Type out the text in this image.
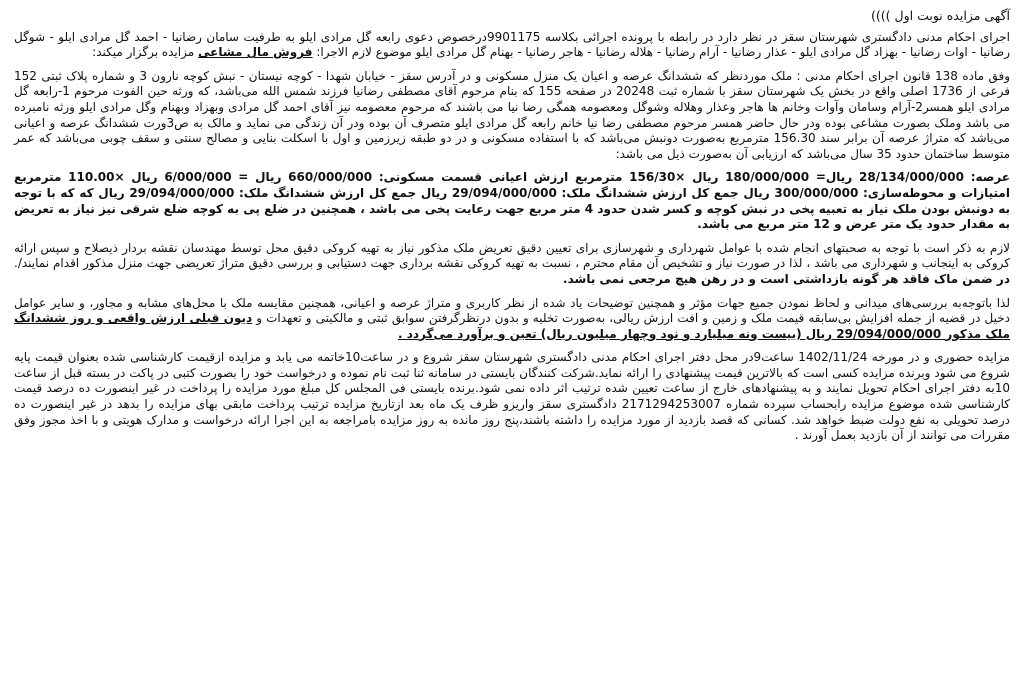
آگهی مزایده نوبت اول ))))
اجرای احکام مدنی دادگستری شهرستان سقز در نظر دارد در رابطه با پرونده اجرائی بکلاسه 9901175درخصوص دعوی رابعه گل مرادی ایلو به طرفیت سامان رضانیا - احمد گل مرادی ایلو - شوگل رضانیا - اوات رضانیا - بهزاد گل مرادی ایلو - عذار رضانیا - آرام رضانیا - هلاله رضانیا - هاجر رضانیا - بهنام گل مرادی ایلو موضوع لازم الاجرا: فروش مال مشاعی مزایده برگزار میکند:
وفق ماده 138 قانون اجرای احکام مدنی : ملک موردنظر که ششدانگ عرصه و اعیان یک منزل مسکونی و در آدرس سقز - خیابان شهدا - کوچه نیستان - نبش کوچه نارون 3 و شماره پلاک ثبتی 152 فرعی از 1736 اصلی واقع در بخش یک شهرستان سقز با شماره ثبت 20248 در صفحه 155 که بنام مرحوم آقای مصطفی رضانیا فرزند شمس الله می‌باشد، که ورثه حین الفوت مرحوم 1-رابعه گل مرادی ایلو همسر2-آرام وسامان وآوات وخانم ها هاجر وعذار وهلاله وشوگل ومعصومه همگی رضا نیا می باشند که مرحوم معصومه نیز آقای احمد گل مرادی وبهزاد وبهنام وگل مرادی ایلو ورثه نامبرده می باشد وملک بصورت مشاعی بوده ودر حال حاضر همسر مرحوم مصطفی رضا نیا خانم رابعه گل مرادی ایلو متصرف آن بوده ودر آن زندگی می نماید و مالک به ص3ورت ششدانگ عرصه و اعیانی می‌باشد که متراژ عرصه آن برابر سند 156.30 مترمربع به‌صورت دونبش می‌باشد که با استفاده مسکونی و در دو طبقه زیرزمین و اول با اسکلت بنایی و مصالح سنتی و سقف چوبی می‌باشد که عمر متوسط ساختمان حدود 35 سال می‌باشد که ارزیابی آن به‌صورت ذیل می باشد:
عرصه: 28/134/000/000 ریال= 180/000/000 ریال ×156/30 مترمربع ارزش اعیانی قسمت مسکونی: 660/000/000 ریال = 6/000/000 ریال ×110.00 مترمربع امتیازات و محوطه‌سازی: 300/000/000 ریال جمع کل ارزش ششدانگ ملک: 29/094/000/000 ریال جمع کل ارزش ششدانگ ملک: 29/094/000/000 ریال که که با توجه به دونبش بودن ملک نیاز به تعبیه پخی در نبش کوچه و کسر شدن حدود 4 متر مربع جهت رعایت پخی می باشد ، همچنین در ضلع پی به کوچه ضلع شرقی نیز نیاز به تعریض به مقدار حدود یک متر عرض و 12 متر مربع می باشد.
لازم به ذکر است با توجه به صحبتهای انجام شده با عوامل شهرداری و شهرسازی برای تعیین دقیق تعریض ملک مذکور نیاز به تهیه کروکی دقیق محل توسط مهندسان نقشه بردار ذیصلاح و سپس ارائه کروکی به اینجانب و شهرداری می باشد ، لذا در صورت نیاز و تشخیص آن مقام محترم ، نسبت به تهیه کروکی نقشه برداری جهت دستیابی و بررسی دقیق متراژ تعریضی جهت منزل مذکور اقدام نمایند/. در ضمن ماک فاقد هر گونه بازداشتی است و در رهن هیچ مرجعی نمی باشد.
لذا باتوجه‌به بررسی‌های میدانی و لحاظ نمودن جمیع جهات مؤثر و همچنین توضیحات یاد شده از نظر کاربری و متراژ عرصه و اعیانی، همچنین مقایسه ملک با محل‌های مشابه و مجاور، و سایر عوامل دخیل در قضیه از جمله افزایش بی‌سابقه قیمت ملک و زمین و افت ارزش ریالی، به‌صورت تخلیه و بدون درنظرگرفتن سوابق ثبتی و مالکیتی و تعهدات و دیون قبلی ارزش واقعی و روز ششدانگ ملک مذکور 29/094/000/000 ریال (بیست ونه میلیارد و نود وچهار میلیون ریال) تعین و برآورد می‌گردد .
مزایده حضوری و در مورخه 1402/11/24 ساعت9در محل دفتر اجرای احکام مدنی دادگستری شهرستان سقز شروع و در ساعت10خاتمه می یابد و مزایده ازقیمت کارشناسی شده بعنوان قیمت پایه شروع می شود وبرنده مزایده کسی است که بالاترین قیمت پیشنهادی را ارائه نماید.شرکت کنندگان بایستی در سامانه ثنا ثبت نام نموده و درخواست خود را بصورت کتبی در پاکت در بسته قبل از ساعت 10به دفتر اجرای احکام تحویل نمایند و به پیشنهادهای خارج از ساعت تعیین شده ترتیب اثر داده نمی شود.برنده بایستی فی المجلس کل مبلغ مورد مزایده را پرداخت در غیر اینصورت ده درصد قیمت کارشناسی شده موضوع مزایده رابحساب سپرده شماره 2171294253007 دادگستری سقز واریزو ظرف یک ماه بعد ازتاریخ مزایده ترتیب پرداخت مابقی بهای مزایده را بدهد در غیر اینصورت ده درصد تحویلی به نفع دولت ضبط خواهد شد. کسانی که قصد بازدید از مورد مزایده را داشته باشند،پنج روز مانده به روز مزایده بامراجعه به این اجرا ارائه درخواست و مدارک هویتی و با اخذ مجوز وفق مقررات می توانند از آن بازدید بعمل آورند .
